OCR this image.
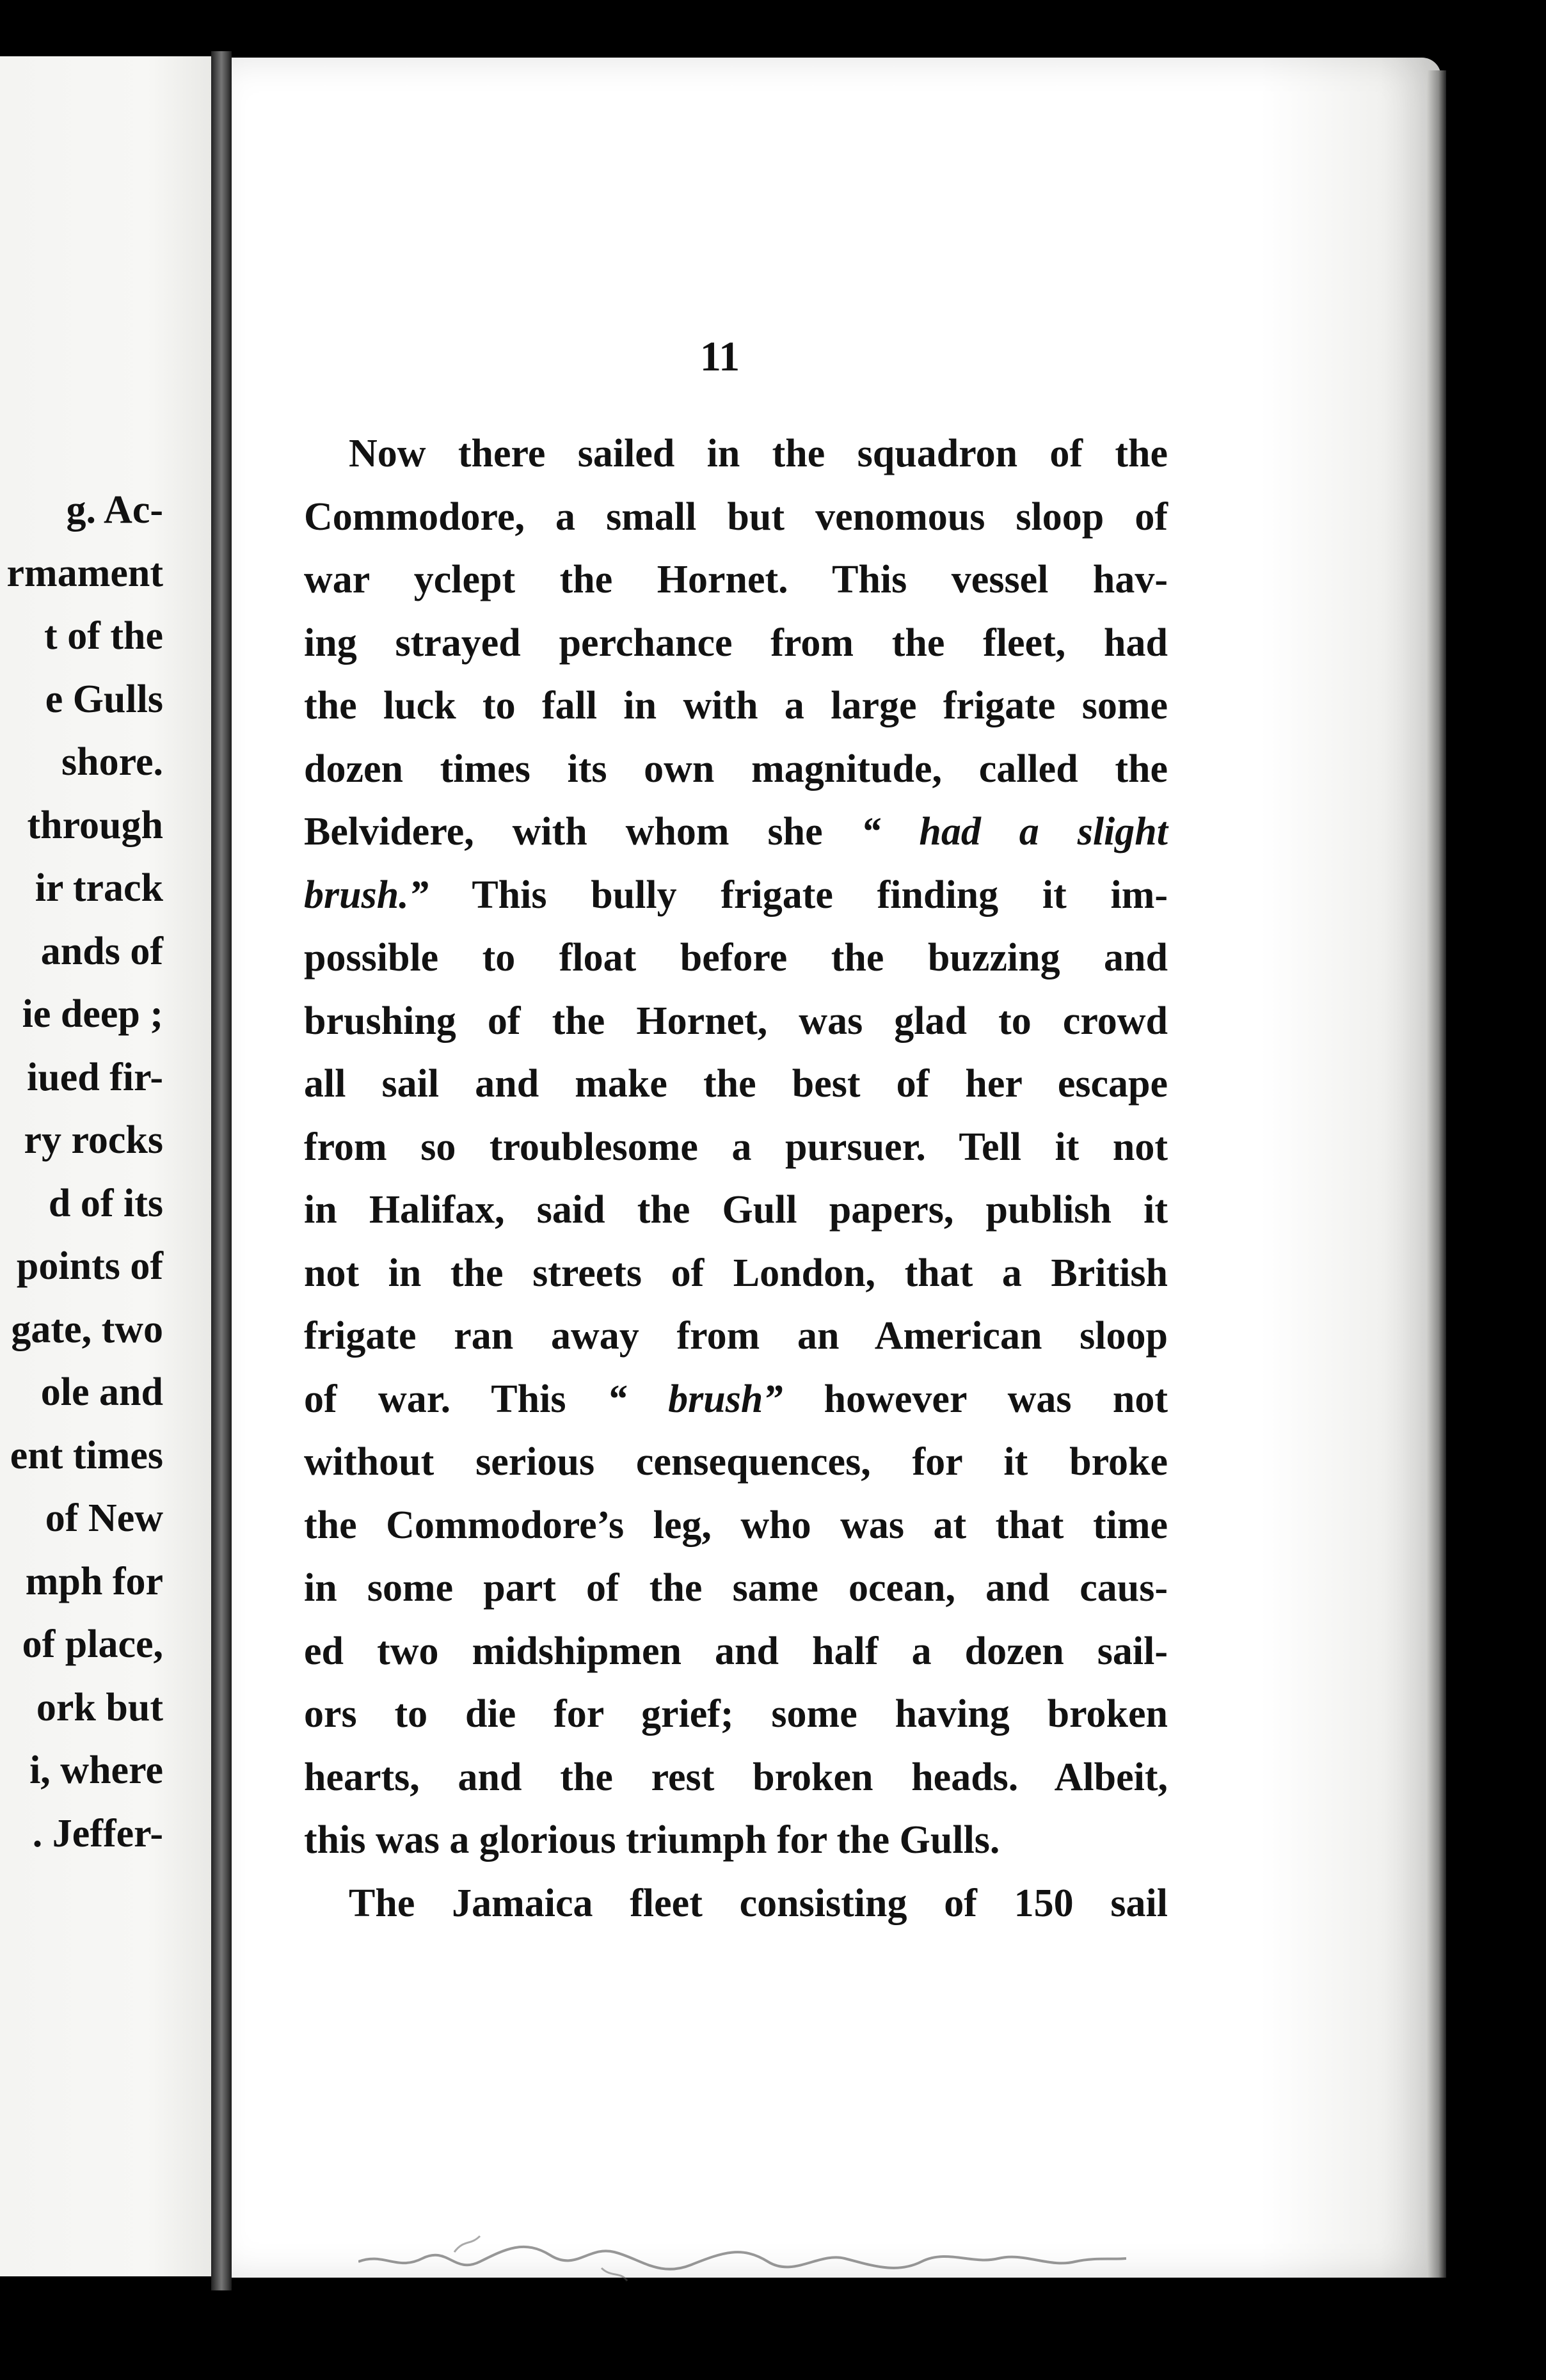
g. Ac-
rmament
t of the
e Gulls
shore.
through
ir track
ands of
ie deep ;
iued fir-
ry rocks
d of its
points of
gate, two
ole and
ent times
of New
mph for
of place,
ork but
i, where
. Jeffer-
11
Now there sailed in the squadron of the
Commodore, a small but venomous sloop of
war yclept the Hornet. This vessel hav-
ing strayed perchance from the fleet, had
the luck to fall in with a large frigate some
dozen times its own magnitude, called the
Belvidere, with whom she “ had a slight
brush.” This bully frigate finding it im-
possible to float before the buzzing and
brushing of the Hornet, was glad to crowd
all sail and make the best of her escape
from so troublesome a pursuer. Tell it not
in Halifax, said the Gull papers, publish it
not in the streets of London, that a British
frigate ran away from an American sloop
of war. This “ brush” however was not
without serious censequences, for it broke
the Commodore’s leg, who was at that time
in some part of the same ocean, and caus-
ed two midshipmen and half a dozen sail-
ors to die for grief; some having broken
hearts, and the rest broken heads. Albeit,
this was a glorious triumph for the Gulls.
The Jamaica fleet consisting of 150 sail
